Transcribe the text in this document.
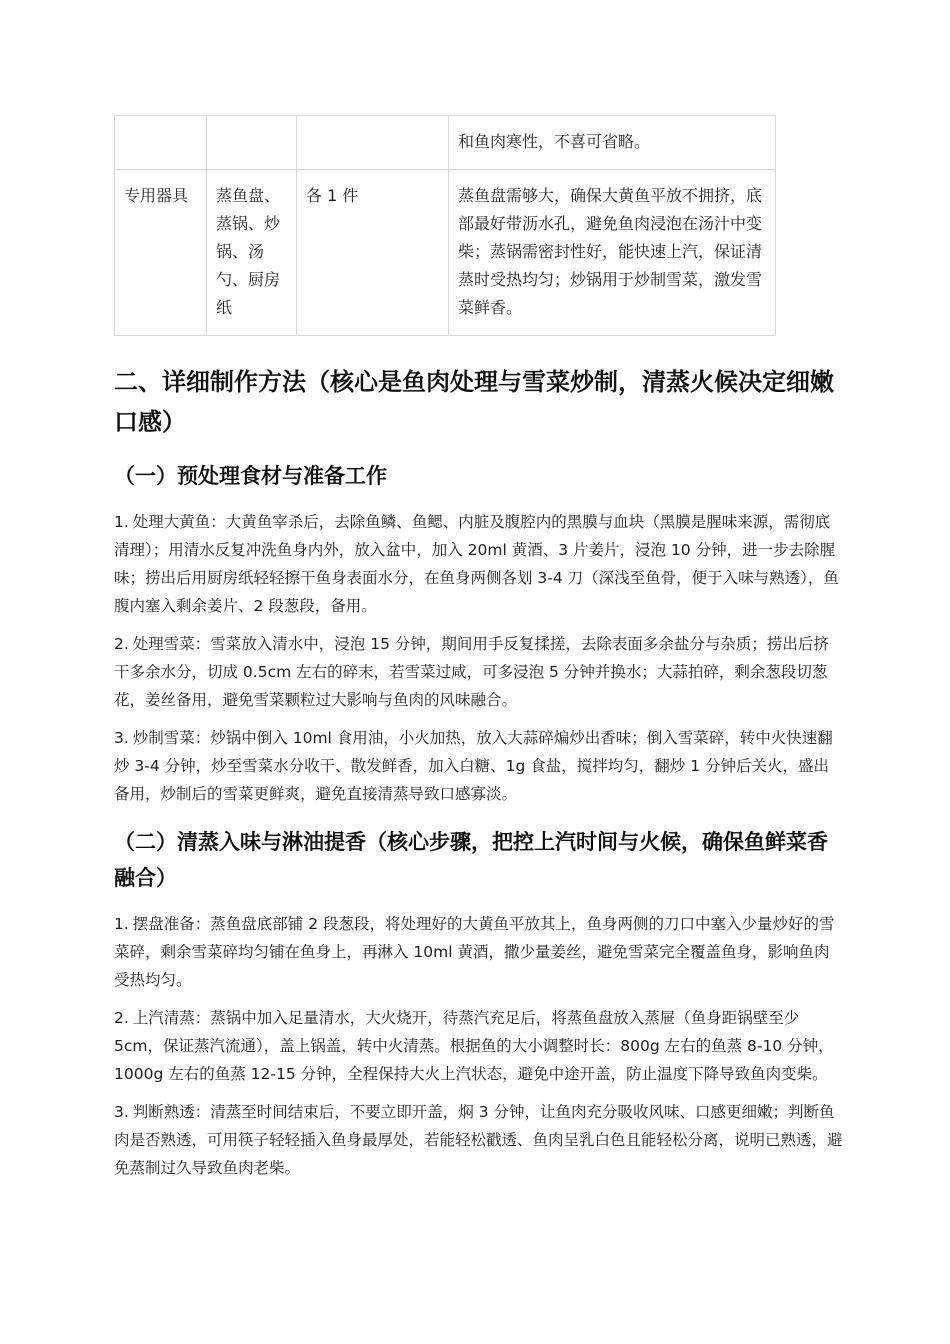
			和鱼肉寒性，不喜可省略。
专用器具	蒸鱼盘、蒸锅、炒锅、汤勺、厨房纸	各 1 件	蒸鱼盘需够大，确保大黄鱼平放不拥挤，底部最好带沥水孔，避免鱼肉浸泡在汤汁中变柴；蒸锅需密封性好，能快速上汽，保证清蒸时受热均匀；炒锅用于炒制雪菜，激发雪菜鲜香。
二、详细制作方法（核心是鱼肉处理与雪菜炒制，清蒸火候决定细嫩口感）
（一）预处理食材与准备工作

1. 处理大黄鱼：大黄鱼宰杀后，去除鱼鳞、鱼鳃、内脏及腹腔内的黑膜与血块（黑膜是腥味来源，需彻底清理）；用清水反复冲洗鱼身内外，放入盆中，加入 20ml 黄酒、3 片姜片，浸泡 10 分钟，进一步去除腥味；捞出后用厨房纸轻轻擦干鱼身表面水分，在鱼身两侧各划 3-4 刀（深浅至鱼骨，便于入味与熟透），鱼腹内塞入剩余姜片、2 段葱段，备用。

2. 处理雪菜：雪菜放入清水中，浸泡 15 分钟，期间用手反复揉搓，去除表面多余盐分与杂质；捞出后挤干多余水分，切成 0.5cm 左右的碎末，若雪菜过咸，可多浸泡 5 分钟并换水；大蒜拍碎，剩余葱段切葱花，姜丝备用，避免雪菜颗粒过大影响与鱼肉的风味融合。

3. 炒制雪菜：炒锅中倒入 10ml 食用油，小火加热，放入大蒜碎煸炒出香味；倒入雪菜碎，转中火快速翻炒 3-4 分钟，炒至雪菜水分收干、散发鲜香，加入白糖、1g 食盐，搅拌均匀，翻炒 1 分钟后关火，盛出备用，炒制后的雪菜更鲜爽，避免直接清蒸导致口感寡淡。

（二）清蒸入味与淋油提香（核心步骤，把控上汽时间与火候，确保鱼鲜菜香融合）

1. 摆盘准备：蒸鱼盘底部铺 2 段葱段，将处理好的大黄鱼平放其上，鱼身两侧的刀口中塞入少量炒好的雪菜碎，剩余雪菜碎均匀铺在鱼身上，再淋入 10ml 黄酒，撒少量姜丝，避免雪菜完全覆盖鱼身，影响鱼肉受热均匀。

2. 上汽清蒸：蒸锅中加入足量清水，大火烧开，待蒸汽充足后，将蒸鱼盘放入蒸屉（鱼身距锅壁至少 5cm，保证蒸汽流通），盖上锅盖，转中火清蒸。根据鱼的大小调整时长：800g 左右的鱼蒸 8-10 分钟，1000g 左右的鱼蒸 12-15 分钟，全程保持大火上汽状态，避免中途开盖，防止温度下降导致鱼肉变柴。

3. 判断熟透：清蒸至时间结束后，不要立即开盖，焖 3 分钟，让鱼肉充分吸收风味、口感更细嫩；判断鱼肉是否熟透，可用筷子轻轻插入鱼身最厚处，若能轻松戳透、鱼肉呈乳白色且能轻松分离，说明已熟透，避免蒸制过久导致鱼肉老柴。
